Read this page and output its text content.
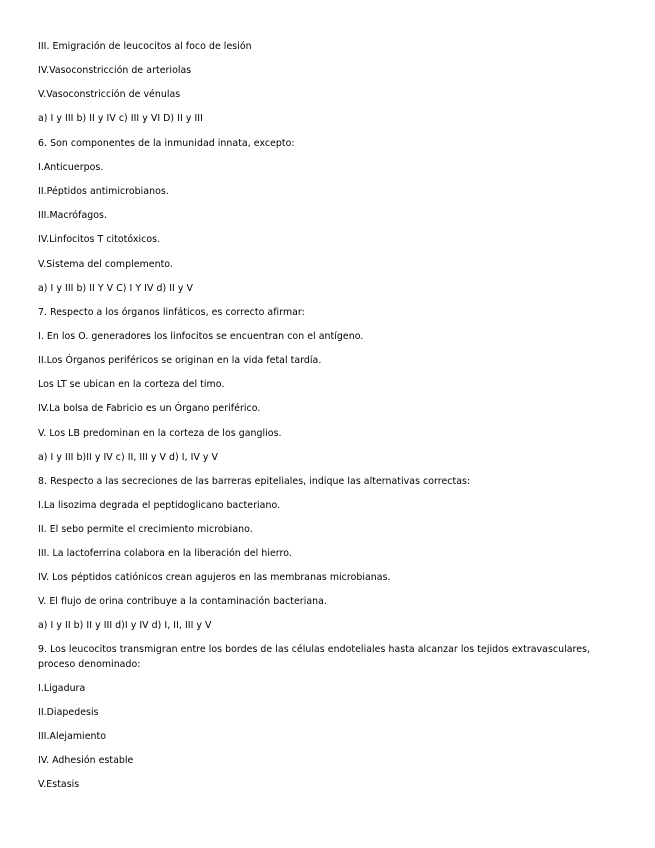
III. Emigración de leucocitos al foco de lesión
IV.Vasoconstricción de arteriolas
V.Vasoconstricción de vénulas
a) I y III b) II y IV c) III y VI D) II y III
6. Son componentes de la inmunidad innata, excepto:
I.Anticuerpos.
II.Péptidos antimicrobianos.
III.Macrófagos.
IV.Linfocitos T citotóxicos.
V.Sistema del complemento.
a) I y III b) II Y V C) I Y IV d) II y V
7. Respecto a los órganos linfáticos, es correcto afirmar:
I. En los O. generadores los linfocitos se encuentran con el antígeno.
II.Los Órganos periféricos se originan en la vida fetal tardía.
Los LT se ubican en la corteza del timo.
IV.La bolsa de Fabricio es un Órgano periférico.
V. Los LB predominan en la corteza de los ganglios.
a) I y III b)II y IV c) II, III y V d) I, IV y V
8. Respecto a las secreciones de las barreras epiteliales, indique las alternativas correctas:
I.La lisozima degrada el peptidoglicano bacteriano.
II. El sebo permite el crecimiento microbiano.
III. La lactoferrina colabora en la liberación del hierro.
IV. Los péptidos catiónicos crean agujeros en las membranas microbianas.
V. El flujo de orina contribuye a la contaminación bacteriana.
a) I y II b) II y III d)I y IV d) I, II, III y V
9. Los leucocitos transmigran entre los bordes de las células endoteliales hasta alcanzar los tejidos extravasculares, proceso denominado:
I.Ligadura
II.Diapedesis
III.Alejamiento
IV. Adhesión estable
V.Estasis
